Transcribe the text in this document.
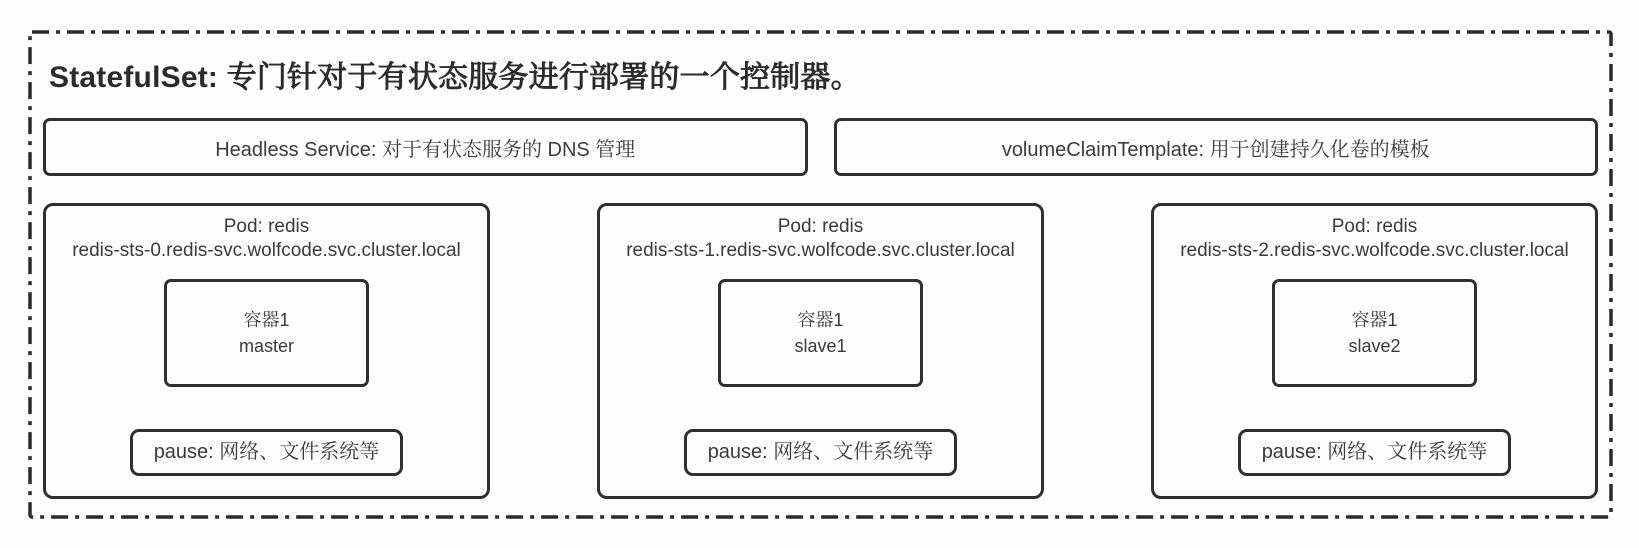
StatefulSet: 专门针对于有状态服务进行部署的一个控制器。
Headless Service: 对于有状态服务的 DNS 管理	volumeClaimTemplate: 用于创建持久化卷的模板
Pod: redis
redis-sts-0.redis-svc.wolfcode.svc.cluster.local
容器1
master
pause: 网络、文件系统等
Pod: redis
redis-sts-1.redis-svc.wolfcode.svc.cluster.local
容器1
slave1
pause: 网络、文件系统等
Pod: redis
redis-sts-2.redis-svc.wolfcode.svc.cluster.local
容器1
slave2
pause: 网络、文件系统等
